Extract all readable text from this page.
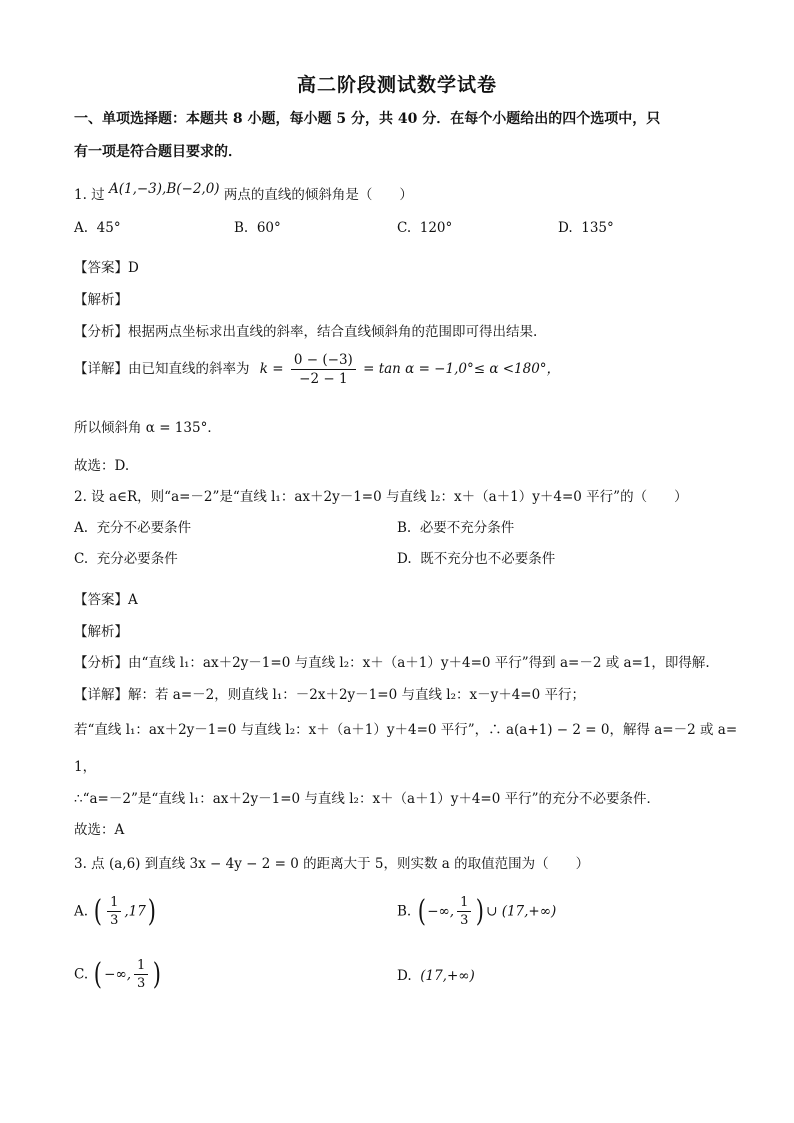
高二阶段测试数学试卷
一、单项选择题：本题共 8 小题，每小题 5 分，共 40 分．在每个小题给出的四个选项中，只
有一项是符合题目要求的．
1. 过 A(1,−3),B(−2,0) 两点的直线的倾斜角是（　　）
A. 45°	B. 60°	C. 120°	D. 135°
【答案】D
【解析】
【分析】根据两点坐标求出直线的斜率，结合直线倾斜角的范围即可得出结果.
【详解】由已知直线的斜率为 $k = \frac{0 - (-3)}{-2 - 1} = \tan \alpha = -1,0^\circ\le \alpha <180^\circ$，
所以倾斜角 α = 135°．
故选：D.
2. 设 a∈R，则“a=－2”是“直线 l₁：ax＋2y－1=0 与直线 l₂：x＋（a＋1）y＋4=0 平行”的（　　）
A. 充分不必要条件	B. 必要不充分条件
C. 充分必要条件	D. 既不充分也不必要条件
【答案】A
【解析】
【分析】由“直线 l₁：ax＋2y－1=0 与直线 l₂：x＋（a＋1）y＋4=0 平行”得到 a=－2 或 a=1，即得解.
【详解】解：若 a=－2，则直线 l₁：－2x＋2y－1=0 与直线 l₂：x－y＋4=0 平行；
若“直线 l₁：ax＋2y－1=0 与直线 l₂：x＋（a＋1）y＋4=0 平行”，∴ a(a+1) − 2 = 0，解得 a=－2 或 a=
1，
∴“a=－2”是“直线 l₁：ax＋2y－1=0 与直线 l₂：x＋（a＋1）y＋4=0 平行”的充分不必要条件．
故选：A
3. 点 (a,6) 到直线 3x − 4y − 2 = 0 的距离大于 5，则实数 a 的取值范围为（　　）
A. ( $\frac{1}{3} ,17$)	B. ( −∞, $\frac{1}{3}$ ) ∪ (17,+∞)
C. ( −∞, $\frac{1}{3}$ )	D. (17,+∞)
